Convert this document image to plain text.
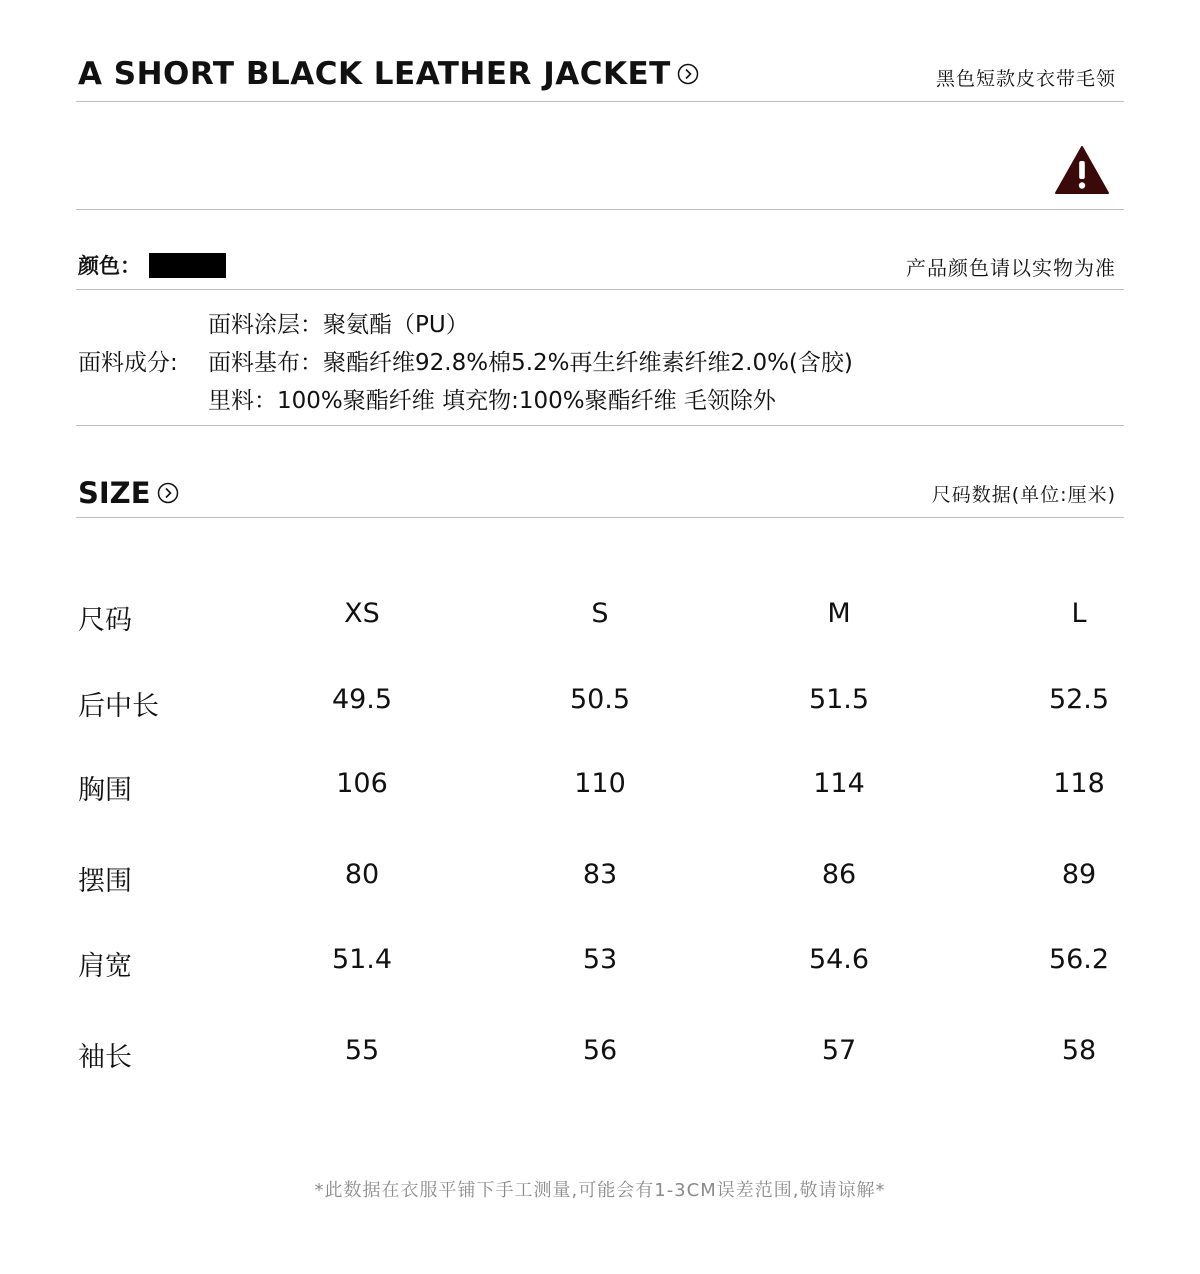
A SHORT BLACK LEATHER JACKET	黑色短款皮衣带毛领
颜色：	产品颜色请以实物为准
面料成分:
面料涂层：聚氨酯（PU）
面料基布：聚酯纤维92.8%棉5.2%再生纤维素纤维2.0%(含胶)
里料：100%聚酯纤维 填充物:100%聚酯纤维 毛领除外
SIZE	尺码数据(单位:厘米)
尺码	XS	S	M	L
后中长	49.5	50.5	51.5	52.5
胸围	106	110	114	118
摆围	80	83	86	89
肩宽	51.4	53	54.6	56.2
袖长	55	56	57	58
*此数据在衣服平铺下手工测量,可能会有1-3CM误差范围,敬请谅解*
